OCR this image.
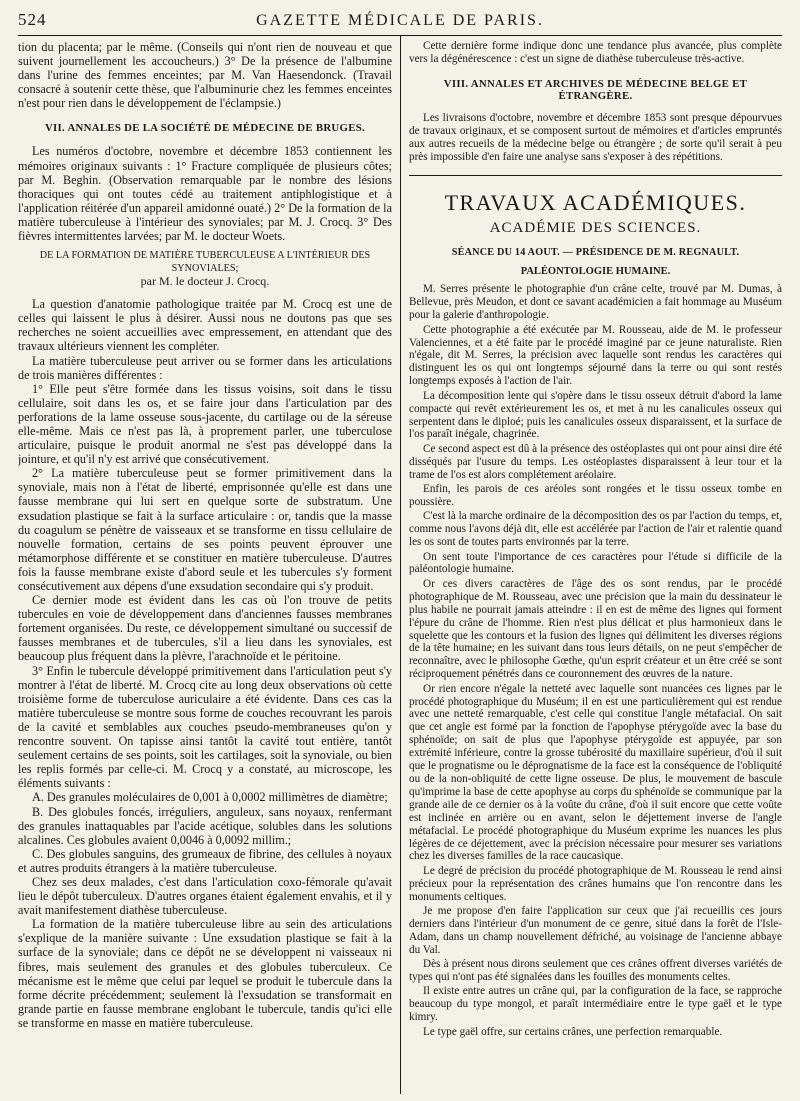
524	GAZETTE MÉDICALE DE PARIS.

tion du placenta; par le même. (Conseils qui n'ont rien de nouveau et que suivent journellement les accoucheurs.) 3° De la présence de l'albumine dans l'urine des femmes enceintes; par M. Van Haesendonck. (Travail consacré à soutenir cette thèse, que l'albuminurie chez les femmes enceintes n'est pour rien dans le développement de l'éclampsie.)

VII. ANNALES DE LA SOCIÉTÉ DE MÉDECINE DE BRUGES.

Les numéros d'octobre, novembre et décembre 1853 contiennent les mémoires originaux suivants : 1° Fracture compliquée de plusieurs côtes; par M. Beghin. (Observation remarquable par le nombre des lésions thoraciques qui ont toutes cédé au traitement antiphlogistique et à l'application réitérée d'un appareil amidonné ouaté.) 2° De la formation de la matière tuberculeuse à l'intérieur des synoviales; par M. J. Crocq. 3° Des fièvres intermittentes larvées; par M. le docteur Woets.

DE LA FORMATION DE MATIÈRE TUBERCULEUSE A L'INTÉRIEUR DES SYNOVIALES;
par M. le docteur J. Crocq.

La question d'anatomie pathologique traitée par M. Crocq est une de celles qui laissent le plus à désirer. Aussi nous ne doutons pas que ses recherches ne soient accueillies avec empressement, en attendant que des travaux ultérieurs viennent les compléter.

La matière tuberculeuse peut arriver ou se former dans les articulations de trois manières différentes :

1° Elle peut s'être formée dans les tissus voisins, soit dans le tissu cellulaire, soit dans les os, et se faire jour dans l'articulation par des perforations de la lame osseuse sous-jacente, du cartilage ou de la séreuse elle-même. Mais ce n'est pas là, à proprement parler, une tuberculose articulaire, puisque le produit anormal ne s'est pas développé dans la jointure, et qu'il n'y est arrivé que consécutivement.

2° La matière tuberculeuse peut se former primitivement dans la synoviale, mais non à l'état de liberté, emprisonnée qu'elle est dans une fausse membrane qui lui sert en quelque sorte de substratum. Une exsudation plastique se fait à la surface articulaire : or, tandis que la masse du coagulum se pénètre de vaisseaux et se transforme en tissu cellulaire de nouvelle formation, certains de ses points peuvent éprouver une métamorphose différente et se constituer en matière tuberculeuse. D'autres fois la fausse membrane existe d'abord seule et les tubercules s'y forment consécutivement aux dépens d'une exsudation secondaire qui s'y produit.

Ce dernier mode est évident dans les cas où l'on trouve de petits tubercules en voie de développement dans d'anciennes fausses membranes fortement organisées. Du reste, ce développement simultané ou successif de fausses membranes et de tubercules, s'il a lieu dans les synoviales, est beaucoup plus fréquent dans la plèvre, l'arachnoïde et le péritoine.

3° Enfin le tubercule développé primitivement dans l'articulation peut s'y montrer à l'état de liberté. M. Crocq cite au long deux observations où cette troisième forme de tuberculose auriculaire a été évidente. Dans ces cas la matière tuberculeuse se montre sous forme de couches recouvrant les parois de la cavité et semblables aux couches pseudo-membraneuses qu'on y rencontre souvent. On tapisse ainsi tantôt la cavité tout entière, tantôt seulement certains de ses points, soit les cartilages, soit la synoviale, ou bien les replis formés par celle-ci. M. Crocq y a constaté, au microscope, les éléments suivants :

A. Des granules moléculaires de 0,001 à 0,0002 millimètres de diamètre;

B. Des globules foncés, irréguliers, anguleux, sans noyaux, renfermant des granules inattaquables par l'acide acétique, solubles dans les solutions alcalines. Ces globules avaient 0,0046 à 0,0092 millim.;

C. Des globules sanguins, des grumeaux de fibrine, des cellules à noyaux et autres produits étrangers à la matière tuberculeuse.

Chez ses deux malades, c'est dans l'articulation coxo-fémorale qu'avait lieu le dépôt tuberculeux. D'autres organes étaient également envahis, et il y avait manifestement diathèse tuberculeuse.

La formation de la matière tuberculeuse libre au sein des articulations s'explique de la manière suivante : Une exsudation plastique se fait à la surface de la synoviale; dans ce dépôt ne se développent ni vaisseaux ni fibres, mais seulement des granules et des globules tuberculeux. Ce mécanisme est le même que celui par lequel se produit le tubercule dans la forme décrite précédemment; seulement là l'exsudation se transformait en grande partie en fausse membrane englobant le tubercule, tandis qu'ici elle se transforme en masse en matière tuberculeuse.

Cette dernière forme indique donc une tendance plus avancée, plus complète vers la dégénérescence : c'est un signe de diathèse tuberculeuse très-active.

VIII. ANNALES ET ARCHIVES DE MÉDECINE BELGE ET ÉTRANGÈRE.

Les livraisons d'octobre, novembre et décembre 1853 sont presque dépourvues de travaux originaux, et se composent surtout de mémoires et d'articles empruntés aux autres recueils de la médecine belge ou étrangère ; de sorte qu'il serait à peu près impossible d'en faire une analyse sans s'exposer à des répétitions.

TRAVAUX ACADÉMIQUES.
ACADÉMIE DES SCIENCES.
SÉANCE DU 14 AOUT. — PRÉSIDENCE DE M. REGNAULT.
PALÉONTOLOGIE HUMAINE.

M. Serres présente le photographie d'un crâne celte, trouvé par M. Dumas, à Bellevue, près Meudon, et dont ce savant académicien a fait hommage au Muséum pour la galerie d'anthropologie.

Cette photographie a été exécutée par M. Rousseau, aide de M. le professeur Valenciennes, et a été faite par le procédé imaginé par ce jeune naturaliste. Rien n'égale, dit M. Serres, la précision avec laquelle sont rendus les caractères qui distinguent les os qui ont longtemps séjourné dans la terre ou qui sont restés longtemps exposés à l'action de l'air.

La décomposition lente qui s'opère dans le tissu osseux détruit d'abord la lame compacte qui revêt extérieurement les os, et met à nu les canalicules osseux qui serpentent dans le diploé; puis les canalicules osseux disparaissent, et la surface de l'os paraît inégale, chagrinée.

Ce second aspect est dû à la présence des ostéoplastes qui ont pour ainsi dire été disséqués par l'usure du temps. Les ostéoplastes disparaissent à leur tour et la trame de l'os est alors complétement aréolaire.

Enfin, les parois de ces aréoles sont rongées et le tissu osseux tombe en poussière.

C'est là la marche ordinaire de la décomposition des os par l'action du temps, et, comme nous l'avons déjà dit, elle est accélérée par l'action de l'air et ralentie quand les os sont de toutes parts environnés par la terre.

On sent toute l'importance de ces caractères pour l'étude si difficile de la paléontologie humaine.

Or ces divers caractères de l'âge des os sont rendus, par le procédé photographique de M. Rousseau, avec une précision que la main du dessinateur le plus habile ne pourrait jamais atteindre : il en est de même des lignes qui forment l'épure du crâne de l'homme. Rien n'est plus délicat et plus harmonieux dans le squelette que les contours et la fusion des lignes qui délimitent les diverses régions de la tête humaine; en les suivant dans tous leurs détails, on ne peut s'empêcher de reconnaître, avec le philosophe Gœthe, qu'un esprit créateur et un être créé se sont réciproquement pénétrés dans ce couronnement des œuvres de la nature.

Or rien encore n'égale la netteté avec laquelle sont nuancées ces lignes par le procédé photographique du Muséum; il en est une particulièrement qui est rendue avec une netteté remarquable, c'est celle qui constitue l'angle métafacial. On sait que cet angle est formé par la fonction de l'apophyse ptérygoïde avec la base du sphénoïde; on sait de plus que l'apophyse ptérygoïde est appuyée, par son extrémité inférieure, contre la grosse tubérosité du maxillaire supérieur, d'où il suit que le prognatisme ou le déprognatisme de la face est la conséquence de l'obliquité ou de la non-obliquité de cette ligne osseuse. De plus, le mouvement de bascule qu'imprime la base de cette apophyse au corps du sphénoïde se communique par la grande aile de ce dernier os à la voûte du crâne, d'où il suit encore que cette voûte est inclinée en arrière ou en avant, selon le déjettement inverse de l'angle métafacial. Le procédé photographique du Muséum exprime les nuances les plus légères de ce déjettement, avec la précision nécessaire pour mesurer ses variations chez les diverses familles de la race caucasique.

Le degré de précision du procédé photographique de M. Rousseau le rend ainsi précieux pour la représentation des crânes humains que l'on rencontre dans les monuments celtiques.

Je me propose d'en faire l'application sur ceux que j'ai recueillis ces jours derniers dans l'intérieur d'un monument de ce genre, situé dans la forêt de l'Isle-Adam, dans un champ nouvellement défriché, au voisinage de l'ancienne abbaye du Val.

Dès à présent nous dirons seulement que ces crânes offrent diverses variétés de types qui n'ont pas été signalées dans les fouilles des monuments celtes.

Il existe entre autres un crâne qui, par la configuration de la face, se rapproche beaucoup du type mongol, et paraît intermédiaire entre le type gaël et le type kimry.

Le type gaël offre, sur certains crânes, une perfection remarquable.
